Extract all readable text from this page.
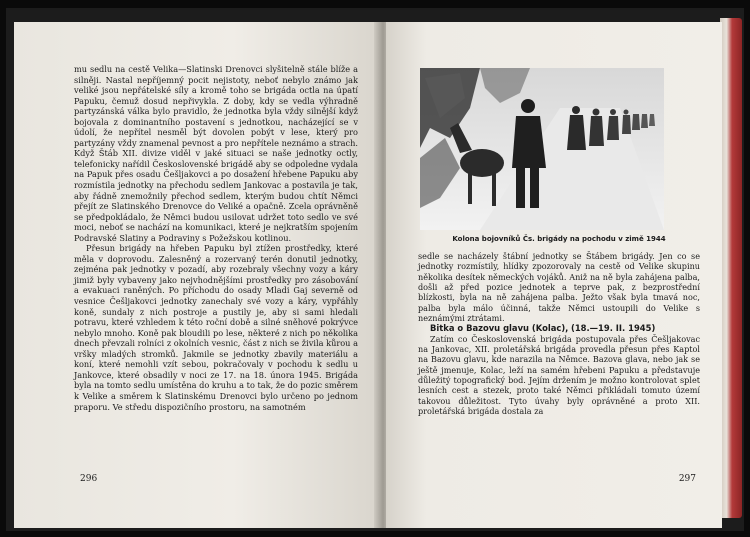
mu sedlu na cestě Velika—Slatinski Drenovci slyšitelně stále blíže a silněji. Nastal nepříjemný pocit nejistoty, neboť nebylo známo jak veliké jsou nepřátelské síly a kromě toho se brigáda octla na úpatí Papuku, čemuž dosud nepřivykla. Z doby, kdy se vedla výhradně partyzánská válka bylo pravidlo, že jednotka byla vždy silnější když bojovala z dominantního postavení s jednotkou, nacházející se v údolí, že nepřítel nesměl být dovolen pobýt v lese, který pro partyzány vždy znamenal pevnost a pro nepřítele neznámo a strach. Když Štáb XII. divize viděl v jaké situaci se naše jednotky octly, telefonicky nařídil Československé brigádě aby se odpoledne vydala na Papuk přes osadu Češljakovci a po dosažení hřebene Papuku aby rozmístila jednotky na přechodu sedlem Jankovac a postavila je tak, aby řádně znemožnily přechod sedlem, kterým budou chtít Němci přejít ze Slatinského Drenovce do Veliké a opačně. Zcela oprávněně se předpokládalo, že Němci budou usilovat udržet toto sedlo ve své moci, neboť se nachází na komunikaci, které je nejkratším spojením Podravské Slatiny a Podraviny s Požežskou kotlinou.

Přesun brigády na hřeben Papuku byl ztížen prostředky, které měla v doprovodu. Zalesněný a rozervaný terén donutil jednotky, zejména pak jednotky v pozadí, aby rozebraly všechny vozy a káry jimiž byly vybaveny jako nejvhodnějšími prostředky pro zásobování a evakuaci raněných. Po příchodu do osady Mladi Gaj severně od vesnice Češljakovci jednotky zanechaly své vozy a káry, vypřáhly koně, sundaly z nich postroje a pustily je, aby si sami hledali potravu, které vzhledem k této roční době a silné sněhové pokrývce nebylo mnoho. Koně pak bloudili po lese, některé z nich po několika dnech převzali rolníci z okolních vesnic, část z nich se živila kůrou a vršky mladých stromků. Jakmile se jednotky zbavily materiálu a koní, které nemohli vzít sebou, pokračovaly v pochodu k sedlu u Jankovce, které obsadily v noci ze 17. na 18. února 1945. Brigáda byla na tomto sedlu umístěna do kruhu a to tak, že do pozic směrem k Velike a směrem k Slatinskému Drenovci bylo určeno po jednom praporu. Ve středu dispozičního prostoru, na samotném

296
Kolona bojovníků Čs. brigády na pochodu v zimě 1944

sedle se nacházely štábní jednotky se Štábem brigády. Jen co se jednotky rozmístily, hlídky zpozorovaly na cestě od Velike skupinu několika desítek německých vojáků. Aniž na ně byla zahájena palba, došli až před pozice jednotek a teprve pak, z bezprostřední blízkosti, byla na ně zahájena palba. Ježto však byla tmavá noc, palba byla málo účinná, takže Němci ustoupili do Velike s neznámými ztrátami.

Bitka o Bazovu glavu (Kolac), (18.—19. II. 1945)

Zatím co Československá brigáda postupovala přes Češljakovac na Jankovac, XII. proletářská brigáda provedla přesun přes Kaptol na Bazovu glavu, kde narazila na Němce. Bazova glava, nebo jak se ještě jmenuje, Kolac, leží na samém hřebeni Papuku a představuje důležitý topografický bod. Jejím držením je možno kontrolovat splet lesních cest a stezek, proto také Němci přikládali tomuto území takovou důležitost. Tyto úvahy byly oprávněné a proto XII. proletářská brigáda dostala za

297
